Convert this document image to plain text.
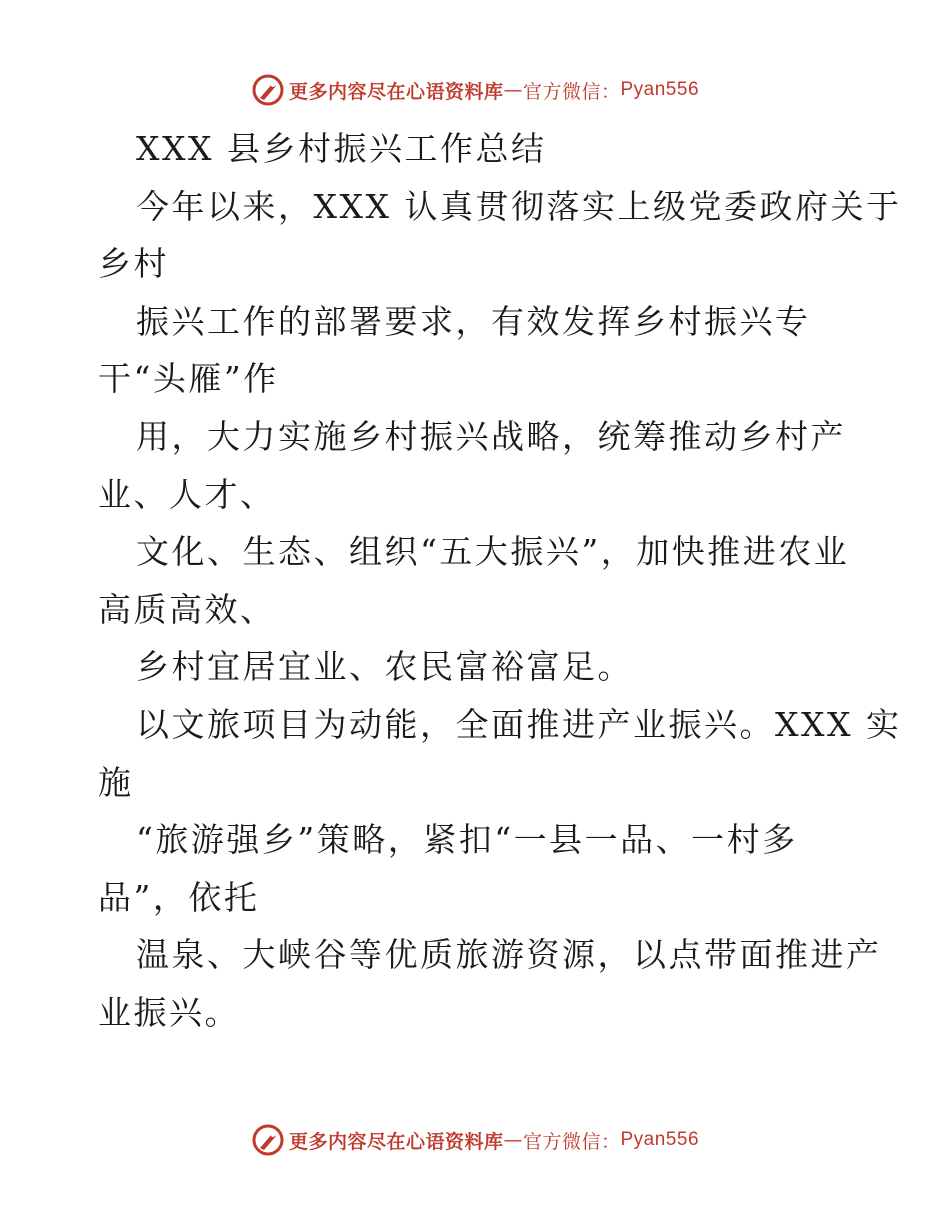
更多内容尽在心语资料库 — 官方微信： Pyan556
XXX 县乡村振兴工作总结
今年以来，XXX 认真贯彻落实上级党委政府关于
乡村
振兴工作的部署要求，有效发挥乡村振兴专
干“头雁”作
用，大力实施乡村振兴战略，统筹推动乡村产
业、人才、
文化、生态、组织“五大振兴”，加快推进农业
高质高效、
乡村宜居宜业、农民富裕富足。
以文旅项目为动能，全面推进产业振兴。XXX 实
施
“旅游强乡”策略，紧扣“一县一品、一村多
品”，依托
温泉、大峡谷等优质旅游资源，以点带面推进产
业振兴。
更多内容尽在心语资料库 — 官方微信： Pyan556
